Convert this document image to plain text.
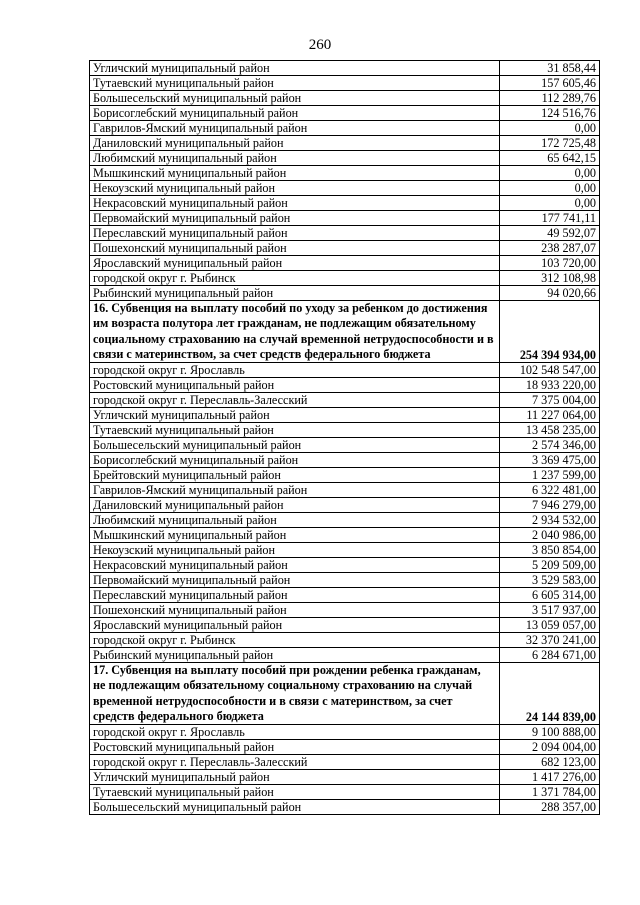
260
Угличский муниципальный район	31 858,44
Тутаевский муниципальный район	157 605,46
Большесельский муниципальный район	112 289,76
Борисоглебский муниципальный район	124 516,76
Гаврилов-Ямский муниципальный район	0,00
Даниловский муниципальный район	172 725,48
Любимский муниципальный район	65 642,15
Мышкинский муниципальный район	0,00
Некоузский муниципальный район	0,00
Некрасовский муниципальный район	0,00
Первомайский муниципальный район	177 741,11
Переславский муниципальный район	49 592,07
Пошехонский муниципальный район	238 287,07
Ярославский муниципальный район	103 720,00
городской округ г. Рыбинск	312 108,98
Рыбинский муниципальный район	94 020,66
16. Субвенция на выплату пособий по уходу за ребенком до достижения им возраста полутора лет гражданам, не подлежащим обязательному социальному страхованию на случай временной нетрудоспособности и в связи с материнством, за счет средств федерального бюджета	254 394 934,00
городской округ г. Ярославль	102 548 547,00
Ростовский муниципальный район	18 933 220,00
городской округ г. Переславль-Залесский	7 375 004,00
Угличский муниципальный район	11 227 064,00
Тутаевский муниципальный район	13 458 235,00
Большесельский муниципальный район	2 574 346,00
Борисоглебский муниципальный район	3 369 475,00
Брейтовский муниципальный район	1 237 599,00
Гаврилов-Ямский муниципальный район	6 322 481,00
Даниловский муниципальный район	7 946 279,00
Любимский муниципальный район	2 934 532,00
Мышкинский муниципальный район	2 040 986,00
Некоузский муниципальный район	3 850 854,00
Некрасовский муниципальный район	5 209 509,00
Первомайский муниципальный район	3 529 583,00
Переславский муниципальный район	6 605 314,00
Пошехонский муниципальный район	3 517 937,00
Ярославский муниципальный район	13 059 057,00
городской округ г. Рыбинск	32 370 241,00
Рыбинский муниципальный район	6 284 671,00
17. Субвенция на выплату пособий при рождении ребенка гражданам, не подлежащим обязательному социальному страхованию на случай временной нетрудоспособности и в связи с материнством, за счет средств федерального бюджета	24 144 839,00
городской округ г. Ярославль	9 100 888,00
Ростовский муниципальный район	2 094 004,00
городской округ г. Переславль-Залесский	682 123,00
Угличский муниципальный район	1 417 276,00
Тутаевский муниципальный район	1 371 784,00
Большесельский муниципальный район	288 357,00
